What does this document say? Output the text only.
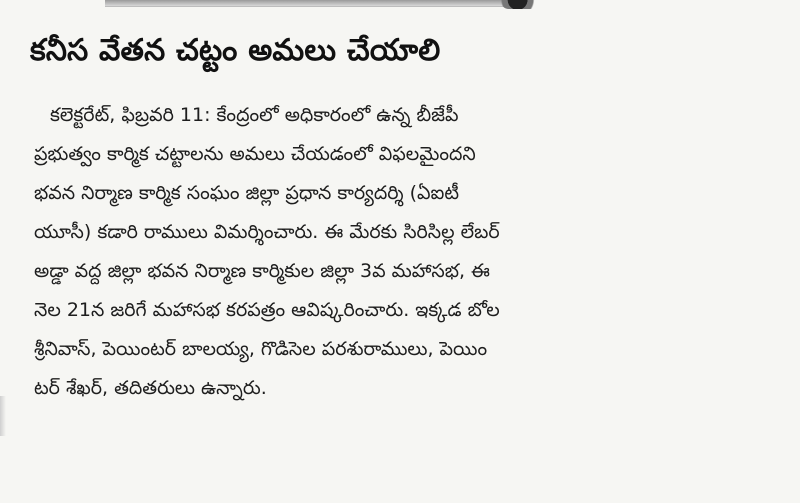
కనీస వేతన చట్టం అమలు చేయాలి
కలెక్టరేట్, ఫిబ్రవరి 11: కేంద్రంలో అధికారంలో ఉన్న బీజేపీ
ప్రభుత్వం కార్మిక చట్టాలను అమలు చేయడంలో విఫలమైందని
భవన నిర్మాణ కార్మిక సంఘం జిల్లా ప్రధాన కార్యదర్శి (ఏఐటీ
యూసీ) కడారి రాములు విమర్శించారు. ఈ మేరకు సిరిసిల్ల లేబర్
అడ్డా వద్ద జిల్లా భవన నిర్మాణ కార్మికుల జిల్లా 3వ మహాసభ, ఈ
నెల 21న జరిగే మహాసభ కరపత్రం ఆవిష్కరించారు. ఇక్కడ బోల
శ్రీనివాస్, పెయింటర్ బాలయ్య, గొడిసెల పరశురాములు, పెయిం
టర్ శేఖర్, తదితరులు ఉన్నారు.
